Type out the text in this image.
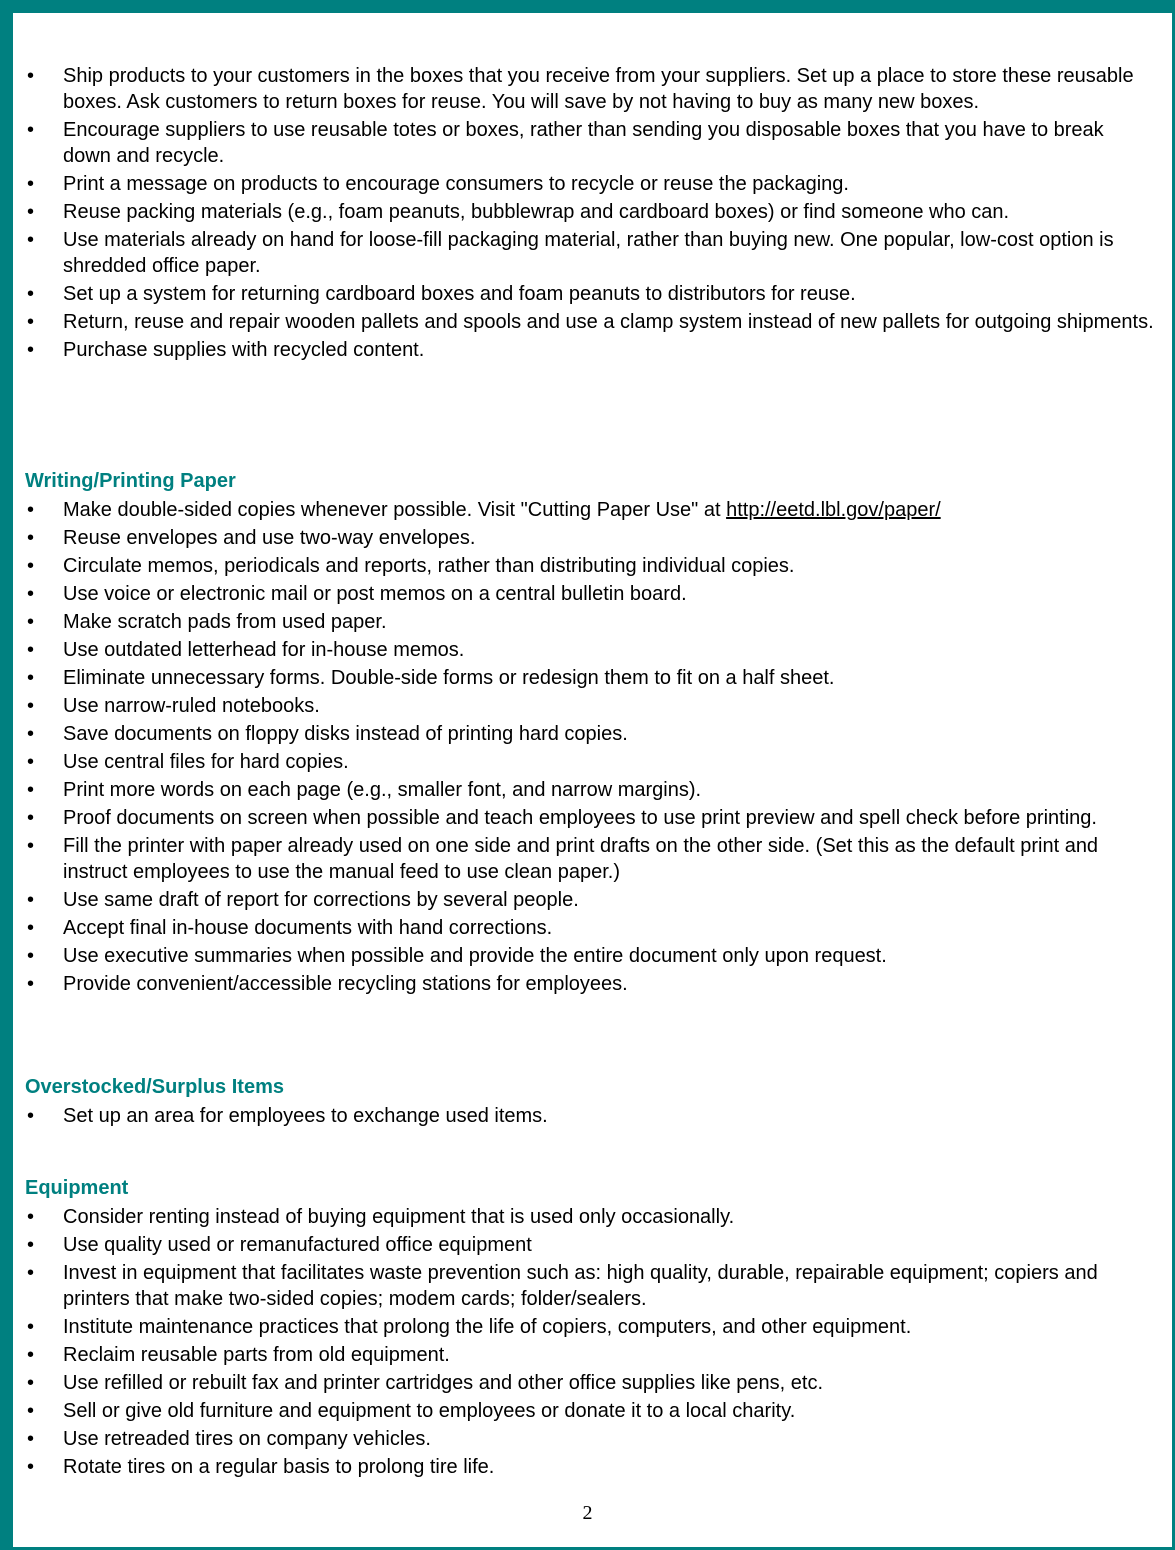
• Ship products to your customers in the boxes that you receive from your suppliers. Set up a place to store these reusable boxes. Ask customers to return boxes for reuse. You will save by not having to buy as many new boxes.
• Encourage suppliers to use reusable totes or boxes, rather than sending you disposable boxes that you have to break down and recycle.
• Print a message on products to encourage consumers to recycle or reuse the packaging.
• Reuse packing materials (e.g., foam peanuts, bubblewrap and cardboard boxes) or find someone who can.
• Use materials already on hand for loose-fill packaging material, rather than buying new. One popular, low-cost option is shredded office paper.
• Set up a system for returning cardboard boxes and foam peanuts to distributors for reuse.
• Return, reuse and repair wooden pallets and spools and use a clamp system instead of new pallets for outgoing shipments.
• Purchase supplies with recycled content.
Writing/Printing Paper
• Make double-sided copies whenever possible. Visit "Cutting Paper Use" at http://eetd.lbl.gov/paper/
• Reuse envelopes and use two-way envelopes.
• Circulate memos, periodicals and reports, rather than distributing individual copies.
• Use voice or electronic mail or post memos on a central bulletin board.
• Make scratch pads from used paper.
• Use outdated letterhead for in-house memos.
• Eliminate unnecessary forms. Double-side forms or redesign them to fit on a half sheet.
• Use narrow-ruled notebooks.
• Save documents on floppy disks instead of printing hard copies.
• Use central files for hard copies.
• Print more words on each page (e.g., smaller font, and narrow margins).
• Proof documents on screen when possible and teach employees to use print preview and spell check before printing.
• Fill the printer with paper already used on one side and print drafts on the other side. (Set this as the default print and instruct employees to use the manual feed to use clean paper.)
• Use same draft of report for corrections by several people.
• Accept final in-house documents with hand corrections.
• Use executive summaries when possible and provide the entire document only upon request.
• Provide convenient/accessible recycling stations for employees.
Overstocked/Surplus Items
• Set up an area for employees to exchange used items.
Equipment
• Consider renting instead of buying equipment that is used only occasionally.
• Use quality used or remanufactured office equipment
• Invest in equipment that facilitates waste prevention such as: high quality, durable, repairable equipment; copiers and printers that make two-sided copies; modem cards; folder/sealers.
• Institute maintenance practices that prolong the life of copiers, computers, and other equipment.
• Reclaim reusable parts from old equipment.
• Use refilled or rebuilt fax and printer cartridges and other office supplies like pens, etc.
• Sell or give old furniture and equipment to employees or donate it to a local charity.
• Use retreaded tires on company vehicles.
• Rotate tires on a regular basis to prolong tire life.
2
